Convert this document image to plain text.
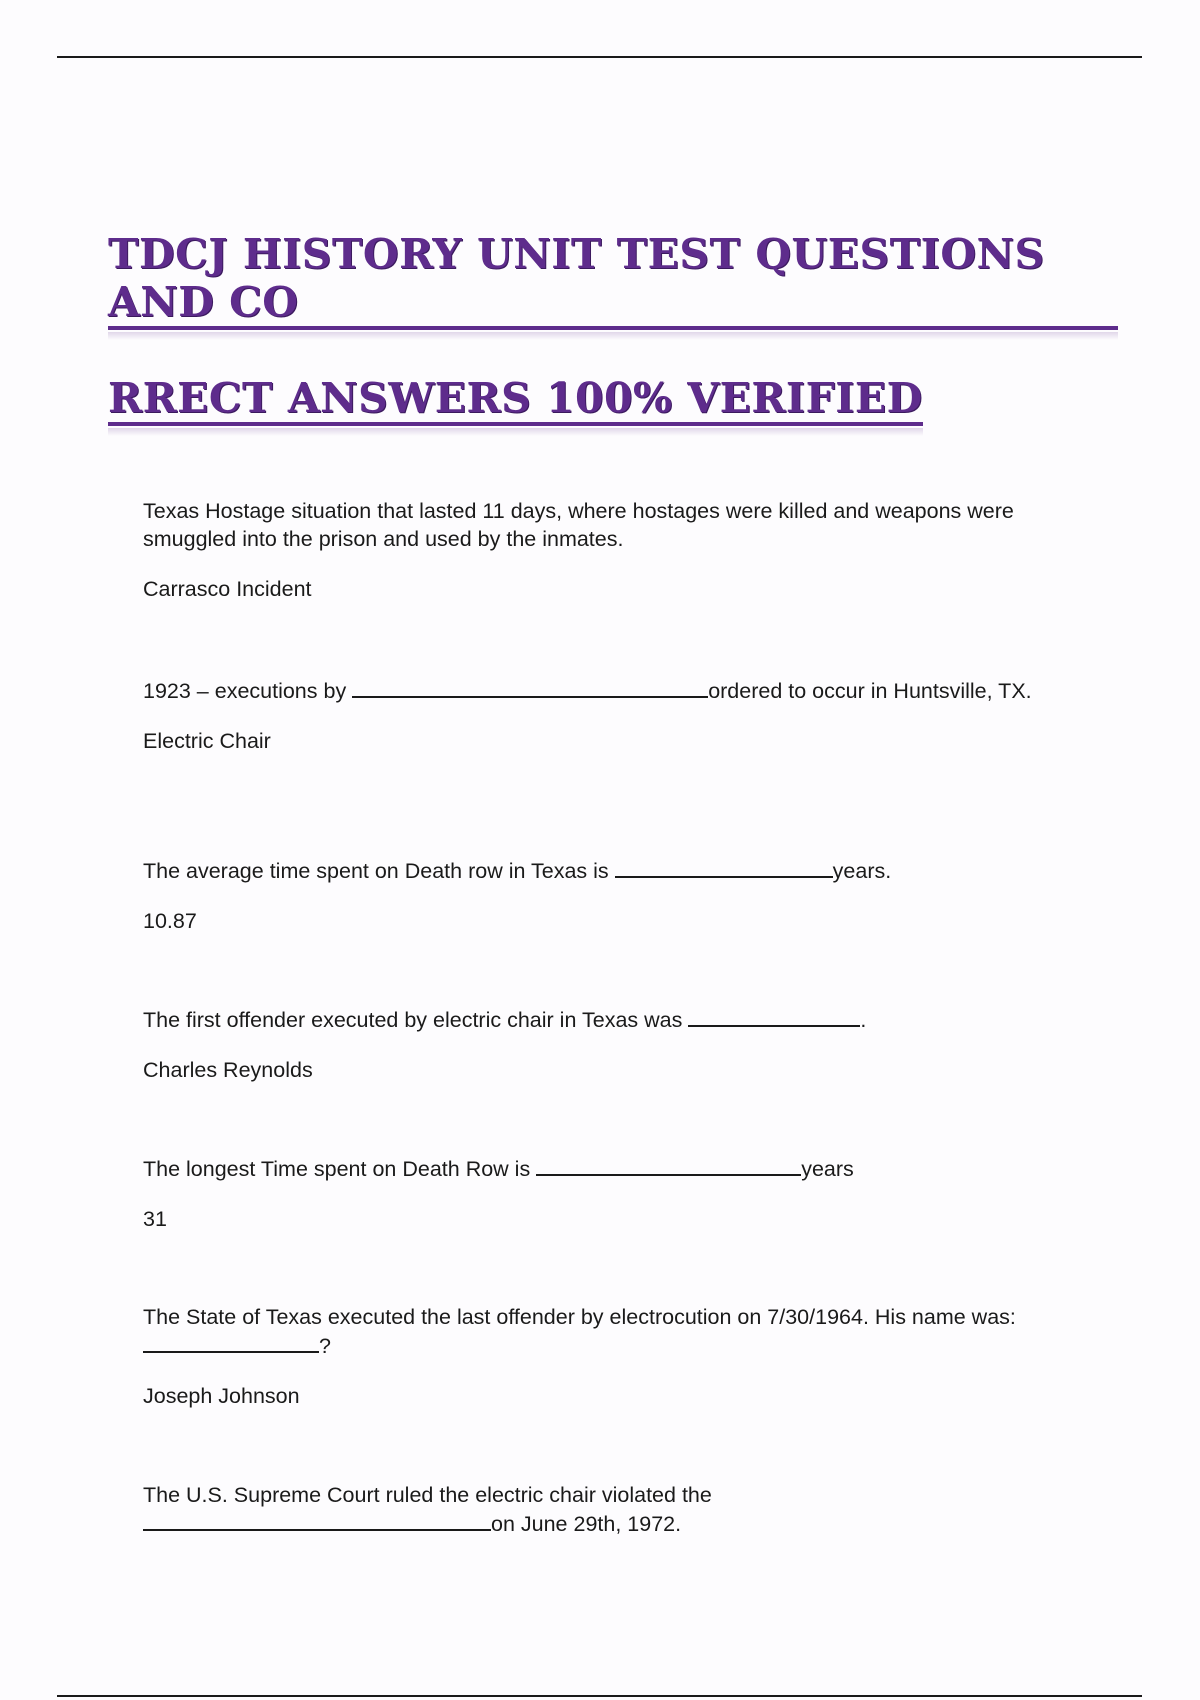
TDCJ HISTORY UNIT TEST QUESTIONS AND CO
RRECT ANSWERS 100% VERIFIED

Texas Hostage situation that lasted 11 days, where hostages were killed and weapons were smuggled into the prison and used by the inmates.

Carrasco Incident

1923 – executions by	ordered to occur in Huntsville, TX.

Electric Chair

The average time spent on Death row in Texas is	years.

10.87

The first offender executed by electric chair in Texas was	.

Charles Reynolds

The longest Time spent on Death Row is	years

31

The State of Texas executed the last offender by electrocution on 7/30/1964. His name was:?

Joseph Johnson

The U.S. Supreme Court ruled the electric chair violated the
on June 29th, 1972.
